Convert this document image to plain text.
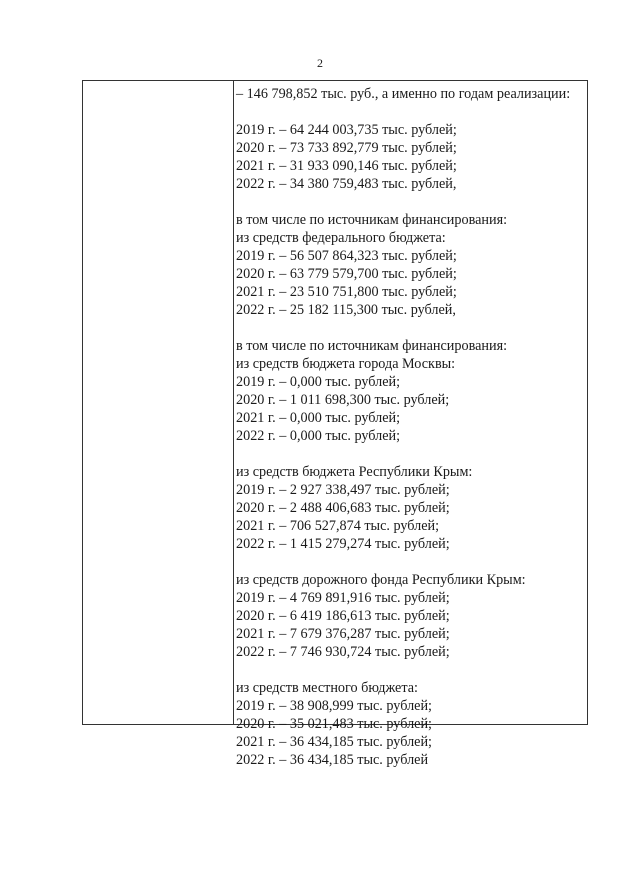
2
– 146 798,852 тыс. руб., а именно по годам реализации:
2019 г. – 64 244 003,735 тыс. рублей;
2020 г. – 73 733 892,779 тыс. рублей;
2021 г. – 31 933 090,146 тыс. рублей;
2022 г. – 34 380 759,483 тыс. рублей,
в том числе по источникам финансирования:
из средств федерального бюджета:
2019 г. – 56 507 864,323 тыс. рублей;
2020 г. – 63 779 579,700 тыс. рублей;
2021 г. – 23 510 751,800 тыс. рублей;
2022 г. – 25 182 115,300 тыс. рублей,
в том числе по источникам финансирования:
из средств бюджета города Москвы:
2019 г. – 0,000 тыс. рублей;
2020 г. – 1 011 698,300 тыс. рублей;
2021 г. – 0,000 тыс. рублей;
2022 г. – 0,000 тыс. рублей;
из средств бюджета Республики Крым:
2019 г. – 2 927 338,497 тыс. рублей;
2020 г. – 2 488 406,683 тыс. рублей;
2021 г. – 706 527,874 тыс. рублей;
2022 г. – 1 415 279,274 тыс. рублей;
из средств дорожного фонда Республики Крым:
2019 г. – 4 769 891,916 тыс. рублей;
2020 г. – 6 419 186,613 тыс. рублей;
2021 г. – 7 679 376,287 тыс. рублей;
2022 г. – 7 746 930,724 тыс. рублей;
из средств местного бюджета:
2019 г. – 38 908,999 тыс. рублей;
2020 г. – 35 021,483 тыс. рублей;
2021 г. – 36 434,185 тыс. рублей;
2022 г. – 36 434,185 тыс. рублей
